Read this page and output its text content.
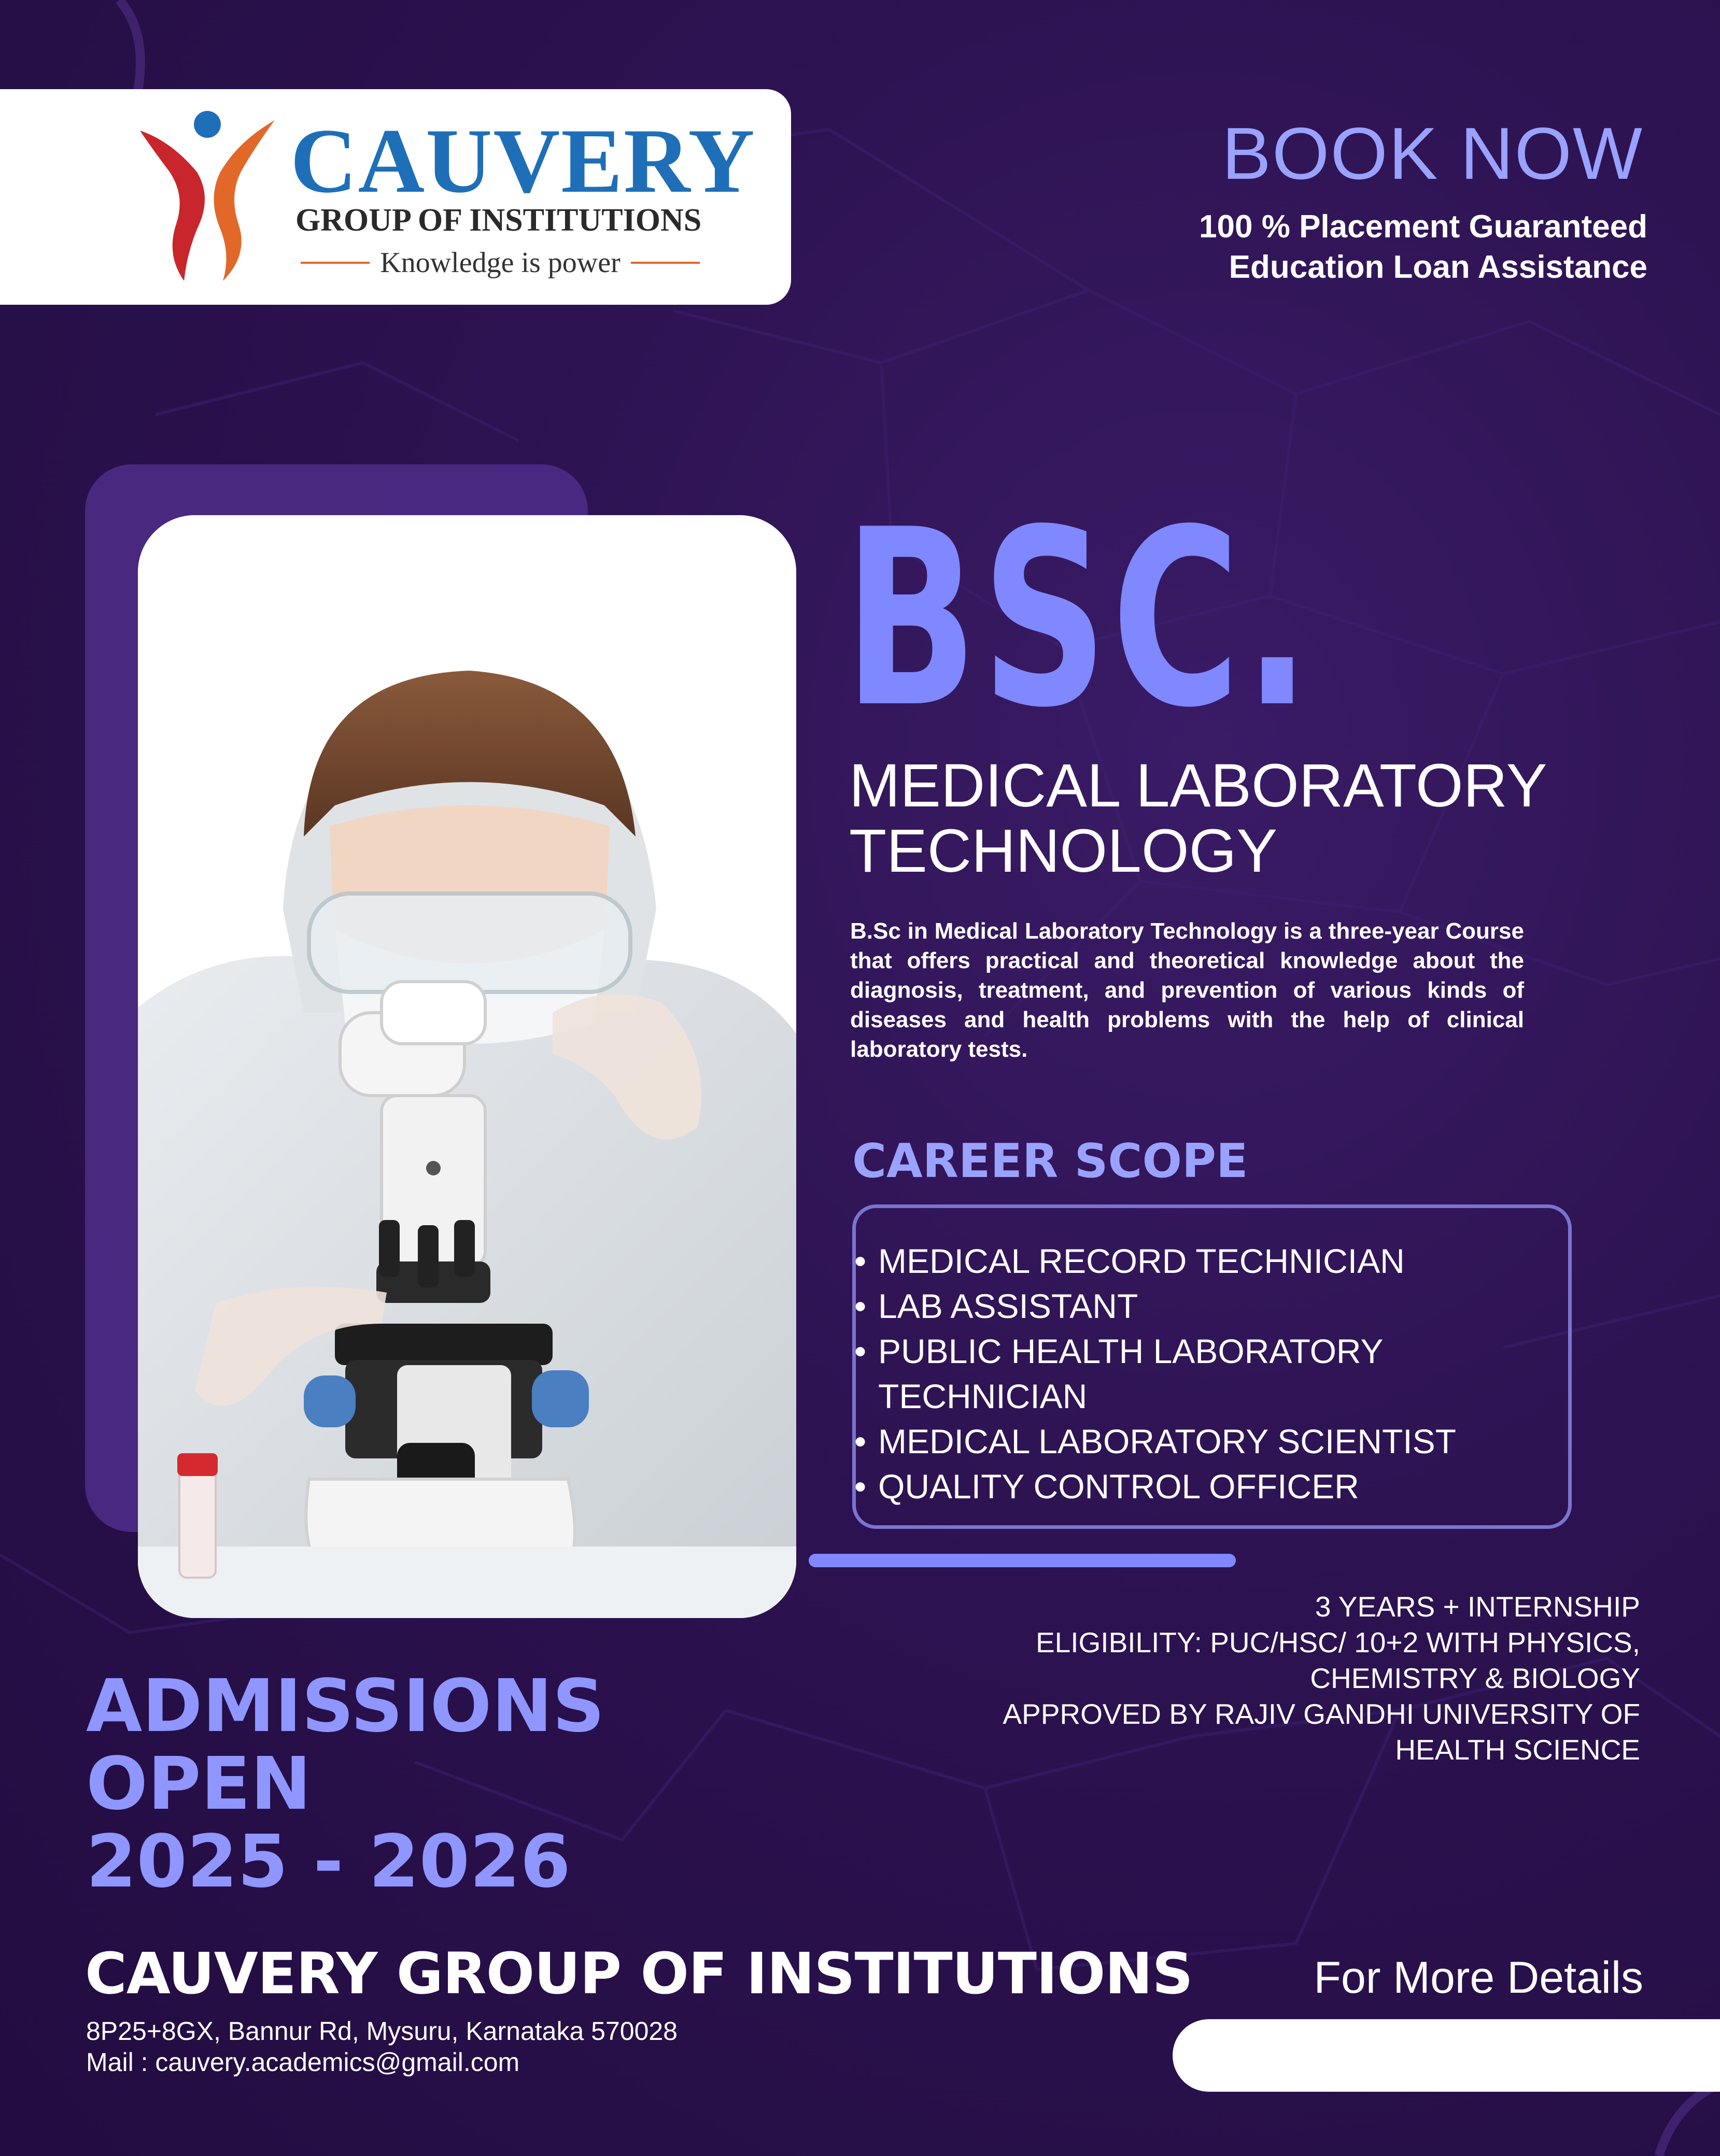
CAUVERY
GROUP OF INSTITUTIONS
Knowledge is power
BOOK NOW
100 % Placement Guaranteed
Education Loan Assistance
BSC.
MEDICAL LABORATORY
TECHNOLOGY
B.Sc in Medical Laboratory Technology is a three-year Course that offers practical and theoretical knowledge about the diagnosis, treatment, and prevention of various kinds of diseases and health problems with the help of clinical laboratory tests.
CAREER SCOPE
• MEDICAL RECORD TECHNICIAN
• LAB ASSISTANT
• PUBLIC HEALTH LABORATORY TECHNICIAN
• MEDICAL LABORATORY SCIENTIST
• QUALITY CONTROL OFFICER
3 YEARS + INTERNSHIP
ELIGIBILITY: PUC/HSC/ 10+2 WITH PHYSICS,
CHEMISTRY & BIOLOGY
APPROVED BY RAJIV GANDHI UNIVERSITY OF
HEALTH SCIENCE
ADMISSIONS
OPEN
2025 - 2026
CAUVERY GROUP OF INSTITUTIONS
8P25+8GX, Bannur Rd, Mysuru, Karnataka 570028
Mail : cauvery.academics@gmail.com
For More Details
